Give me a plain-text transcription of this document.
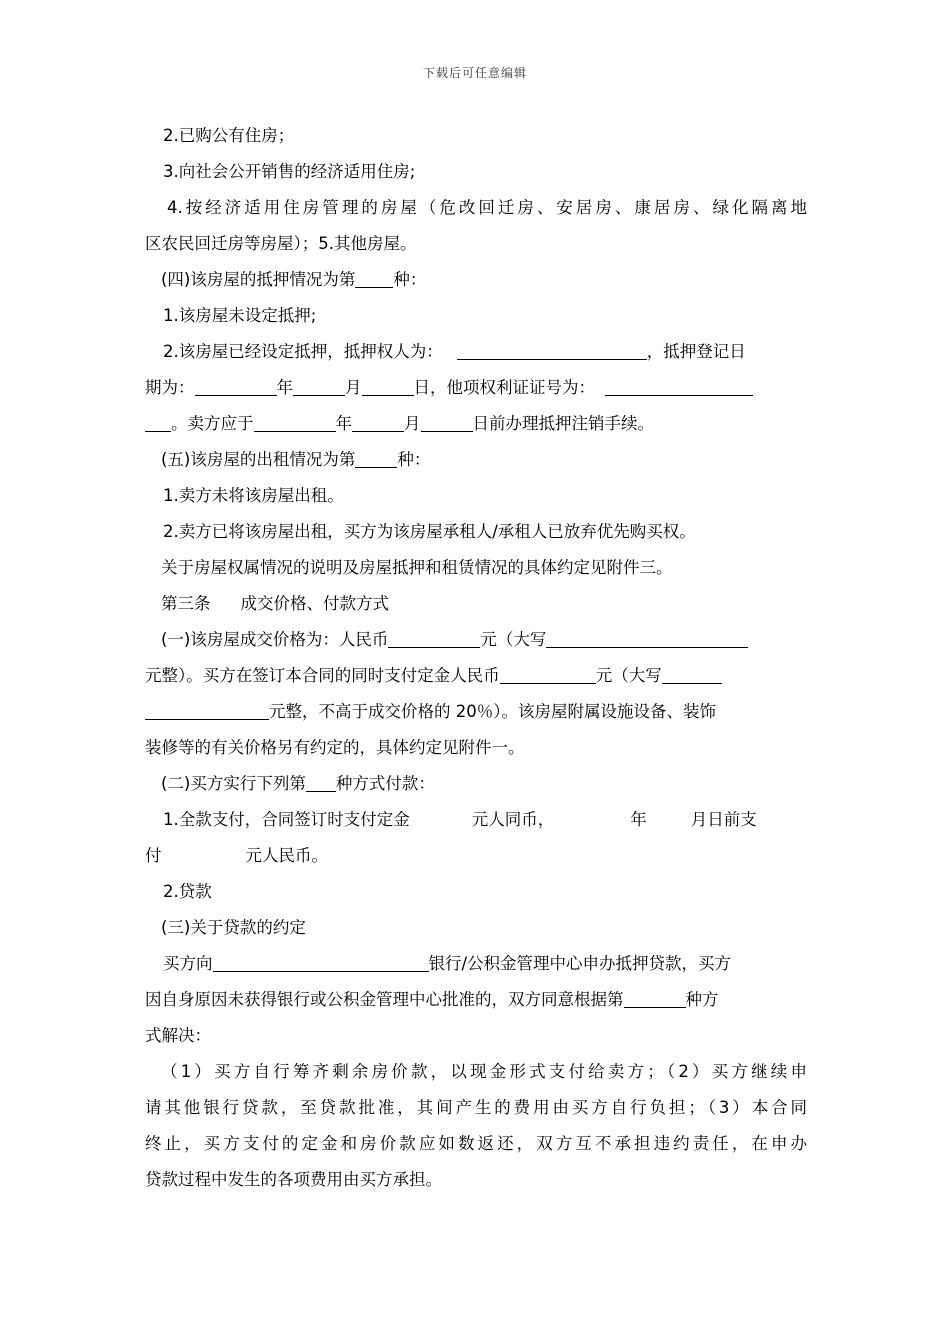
下载后可任意编辑

2.已购公有住房；

3.向社会公开销售的经济适用住房;

4.按经济适用住房管理的房屋（危改回迁房、安居房、康居房、绿化隔离地

区农民回迁房等房屋）；5.其他房屋。

(四)该房屋的抵押情况为第 种：

1.该房屋未设定抵押;

2.该房屋已经设定抵押，抵押权人为：	，抵押登记日

期为：	年	月	日，他项权利证证号为：

。卖方应于	年	月	日前办理抵押注销手续。

(五)该房屋的出租情况为第	种：

1.卖方未将该房屋出租。

2.卖方已将该房屋出租，买方为该房屋承租人/承租人已放弃优先购买权。

关于房屋权属情况的说明及房屋抵押和租赁情况的具体约定见附件三。

第三条 成交价格、付款方式

(一)该房屋成交价格为：人民币	元（大写

元整）。买方在签订本合同的同时支付定金人民币	元（大写

元整，不高于成交价格的 20％）。该房屋附属设施设备、装饰

装修等的有关价格另有约定的，具体约定见附件一。

(二)买方实行下列第 种方式付款：

1.全款支付，合同签订时支付定金	元人同币，	年	月日前支

付	元人民币。

2.贷款

(三)关于贷款的约定

买方向	银行/公积金管理中心申办抵押贷款，买方

因自身原因未获得银行或公积金管理中心批准的，双方同意根据第	种方

式解决：

（1）买方自行筹齐剩余房价款，以现金形式支付给卖方；（2）买方继续申

请其他银行贷款，至贷款批准，其间产生的费用由买方自行负担；（3）本合同

终止，买方支付的定金和房价款应如数返还，双方互不承担违约责任，在申办

贷款过程中发生的各项费用由买方承担。
